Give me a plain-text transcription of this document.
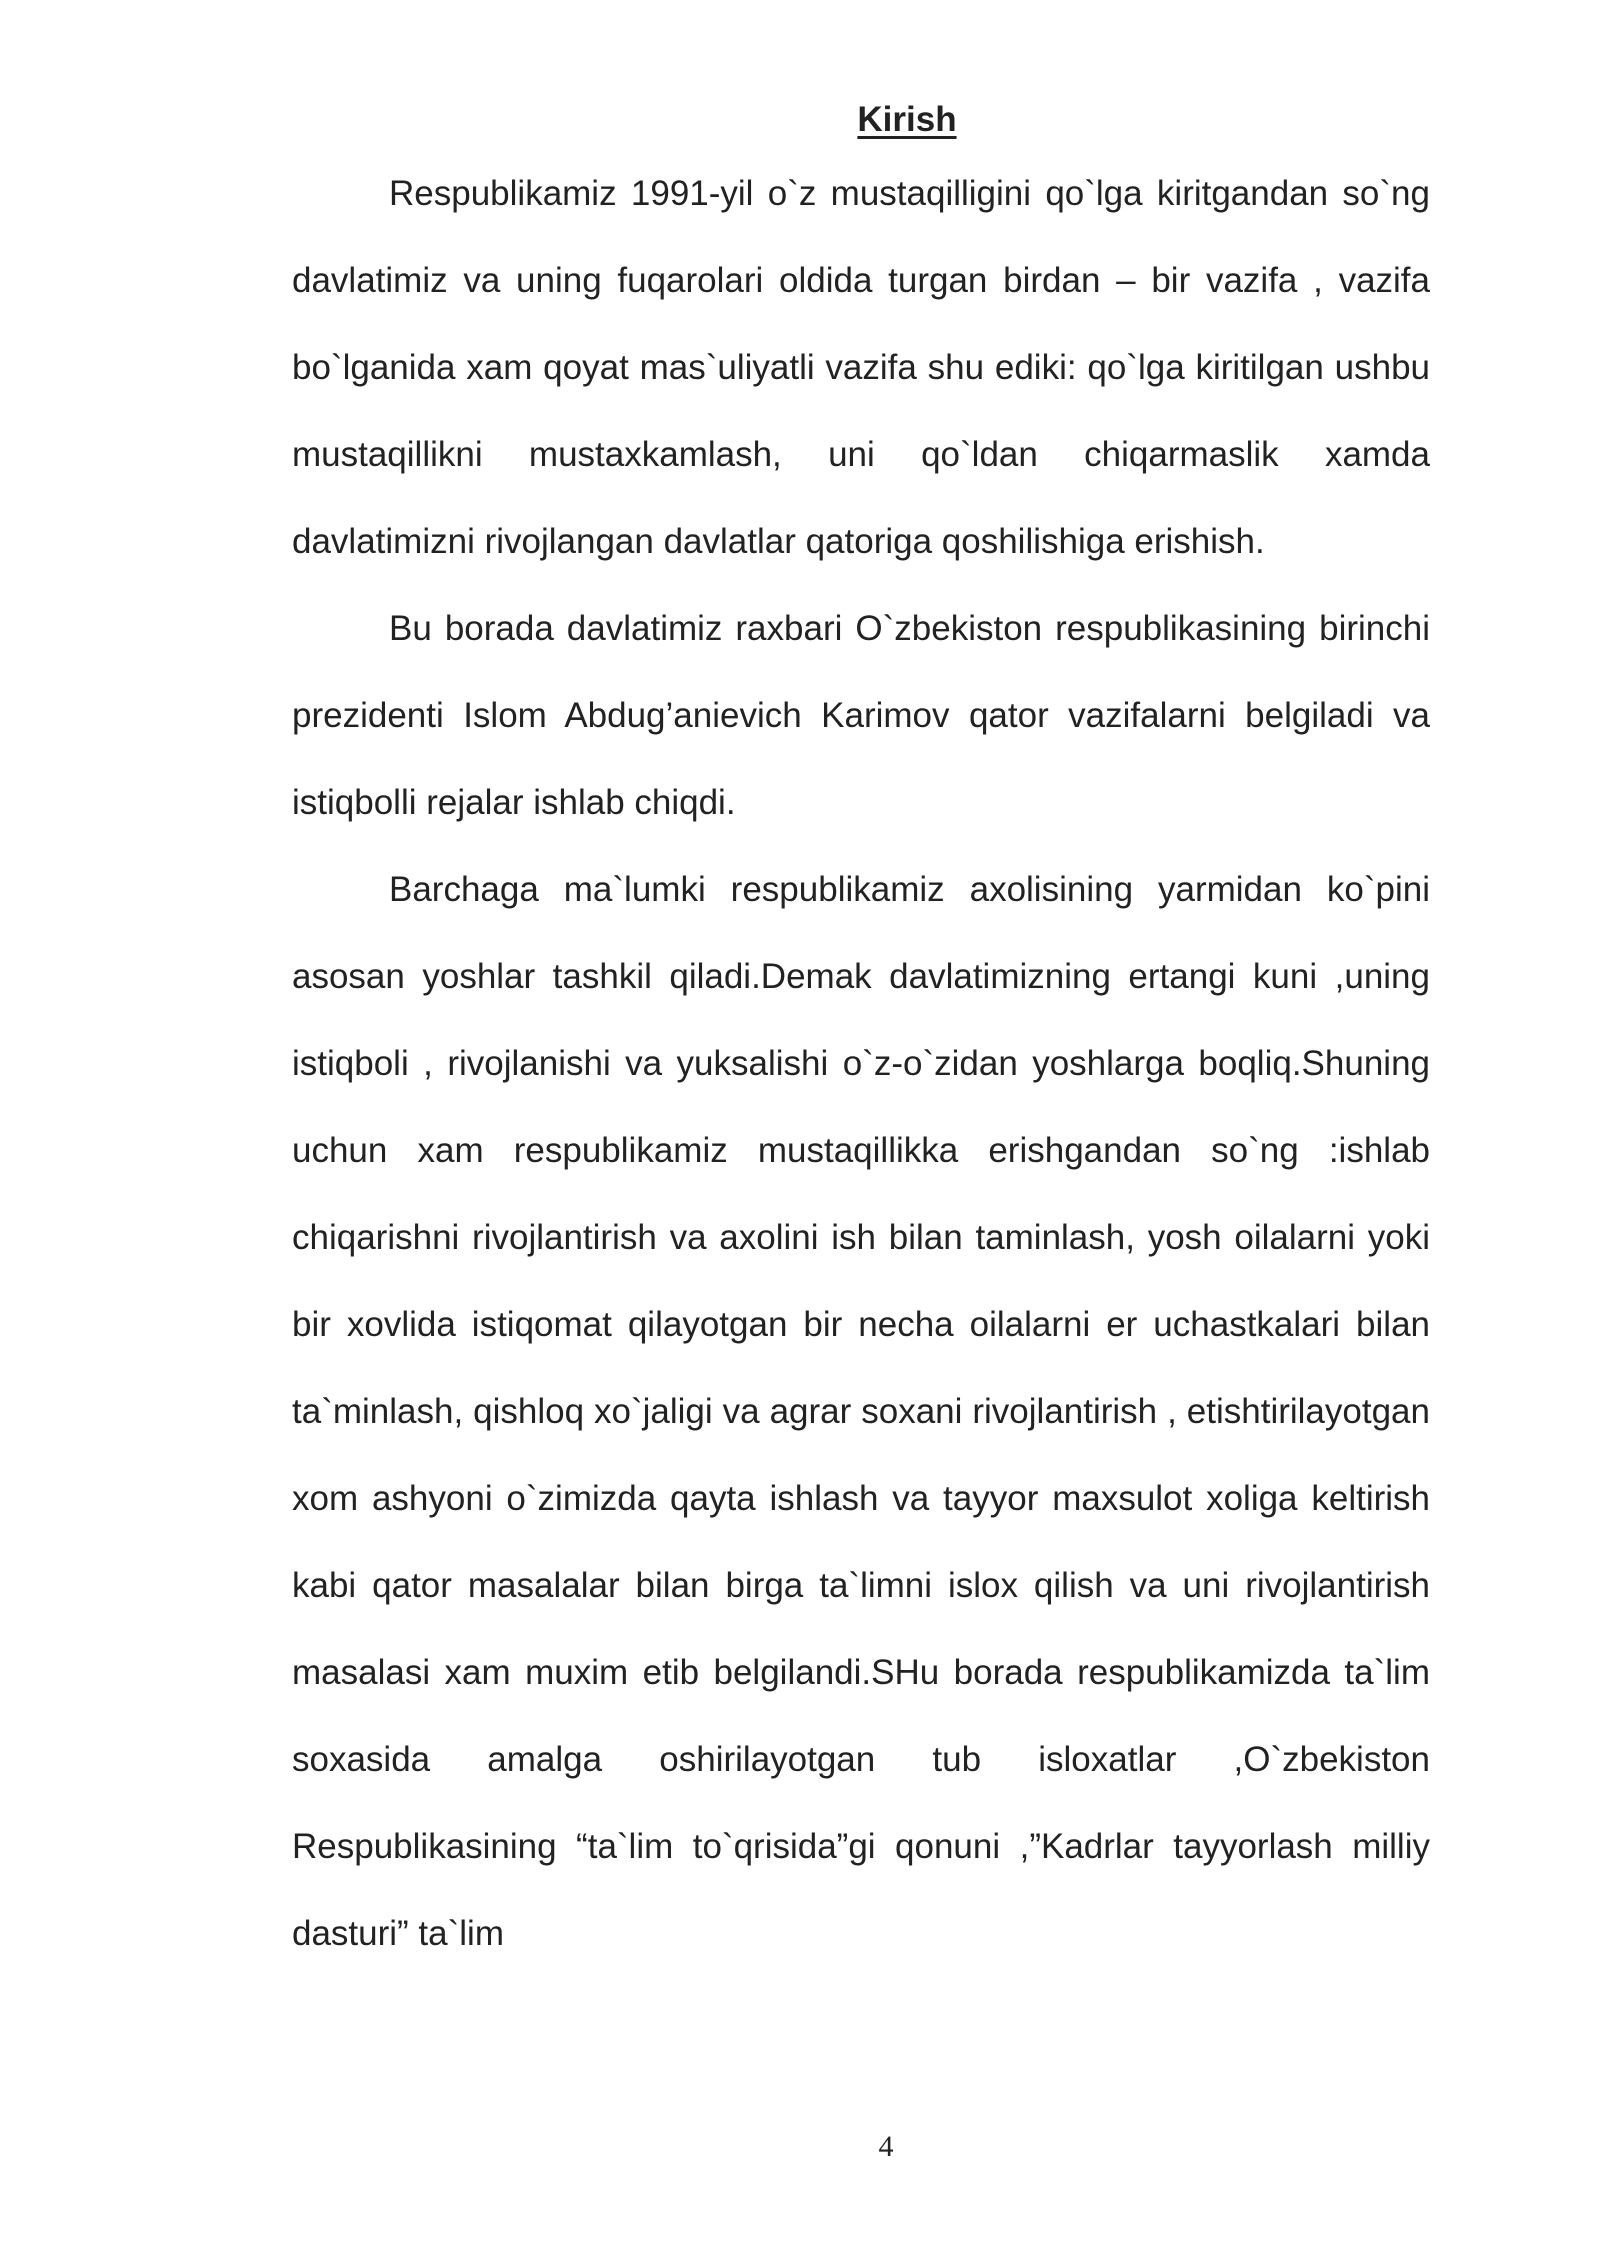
Kirish

Respublikamiz 1991-yil o`z mustaqilligini qo`lga kiritgandan so`ng davlatimiz va uning fuqarolari oldida turgan birdan – bir vazifa , vazifa bo`lganida xam qoyat mas`uliyatli vazifa shu ediki: qo`lga kiritilgan ushbu mustaqillikni mustaxkamlash, uni qo`ldan chiqarmaslik xamda davlatimizni rivojlangan davlatlar qatoriga qoshilishiga erishish.

Bu borada davlatimiz raxbari O`zbekiston respublikasining birinchi prezidenti Islom Abdug’anievich Karimov qator vazifalarni belgiladi va istiqbolli rejalar ishlab chiqdi.

Barchaga ma`lumki respublikamiz axolisining yarmidan ko`pini asosan yoshlar tashkil qiladi.Demak davlatimizning ertangi kuni ,uning istiqboli , rivojlanishi va yuksalishi o`z-o`zidan yoshlarga boqliq.Shuning uchun xam respublikamiz mustaqillikka erishgandan so`ng :ishlab chiqarishni rivojlantirish va axolini ish bilan taminlash, yosh oilalarni yoki bir xovlida istiqomat qilayotgan bir necha oilalarni er uchastkalari bilan ta`minlash, qishloq xo`jaligi va agrar soxani rivojlantirish , etishtirilayotgan xom ashyoni o`zimizda qayta ishlash va tayyor maxsulot xoliga keltirish kabi qator masalalar bilan birga ta`limni islox qilish va uni rivojlantirish masalasi xam muxim etib belgilandi.SHu borada respublikamizda ta`lim soxasida amalga oshirilayotgan tub isloxatlar ,O`zbekiston Respublikasining “ta`lim to`qrisida”gi qonuni ,”Kadrlar tayyorlash milliy dasturi” ta`lim

4
